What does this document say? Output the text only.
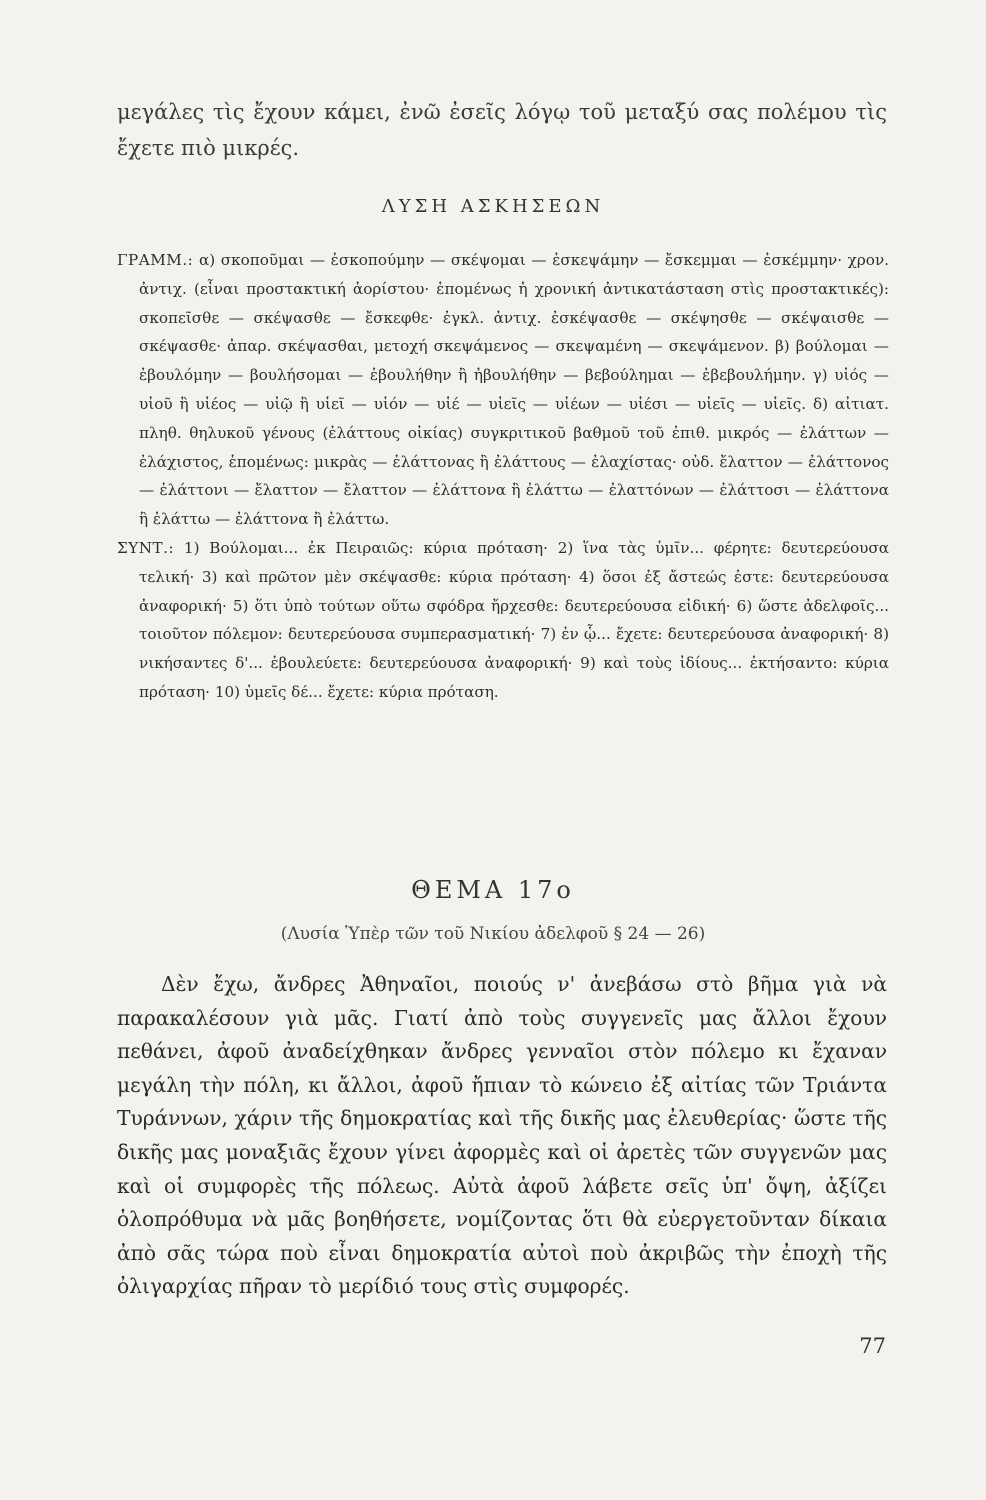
μεγάλες τὶς ἔχουν κάμει, ἐνῶ ἐσεῖς λόγῳ τοῦ μεταξύ σας πολέμου τὶς ἔχετε πιὸ μικρές.
ΛΥΣΗ ΑΣΚΗΣΕΩΝ

ΓΡΑΜΜ.: α) σκοποῦμαι — ἐσκοπούμην — σκέψομαι — ἐσκεψάμην — ἔσκεμμαι — ἐσκέμμην· χρον. ἀντιχ. (εἶναι προστακτική ἀορίστου· ἑπομένως ἡ χρονική ἀντικατάσταση στὶς προστακτικές): σκοπεῖσθε — σκέψασθε — ἔσκεφθε· ἐγκλ. ἀντιχ. ἐσκέψασθε — σκέψησθε — σκέψαισθε — σκέψασθε· ἀπαρ. σκέψασθαι, μετοχή σκεψάμενος — σκεψαμένη — σκεψάμενον. β) βούλομαι — ἐβουλόμην — βουλήσομαι — ἐβουλήθην ἢ ἠβουλήθην — βεβούλημαι — ἐβεβουλήμην. γ) υἱός — υἱοῦ ἢ υἱέος — υἱῷ ἢ υἱεῖ — υἱόν — υἱέ — υἱεῖς — υἱέων — υἱέσι — υἱεῖς — υἱεῖς. δ) αἰτιατ. πληθ. θηλυκοῦ γένους (ἐλάττους οἰκίας) συγκριτικοῦ βαθμοῦ τοῦ ἐπιθ. μικρός — ἐλάττων — ἐλάχιστος, ἑπομένως: μικρὰς — ἐλάττονας ἢ ἐλάττους — ἐλαχίστας· οὐδ. ἔλαττον — ἐλάττονος — ἐλάττονι — ἔλαττον — ἔλαττον — ἐλάττονα ἢ ἐλάττω — ἐλαττόνων — ἐλάττοσι — ἐλάττονα ἢ ἐλάττω — ἐλάττονα ἢ ἐλάττω.

ΣΥΝΤ.: 1) Βούλομαι... ἐκ Πειραιῶς: κύρια πρόταση· 2) ἵνα τὰς ὑμῖν... φέρητε: δευτερεύουσα τελική· 3) καὶ πρῶτον μὲν σκέψασθε: κύρια πρόταση· 4) ὅσοι ἐξ ἄστεώς ἐστε: δευτερεύουσα ἀναφορική· 5) ὅτι ὑπὸ τούτων οὕτω σφόδρα ἤρχεσθε: δευτερεύουσα εἰδική· 6) ὥστε ἀδελφοῖς... τοιοῦτον πόλεμον: δευτερεύουσα συμπερασματική· 7) ἐν ᾧ... ἔχετε: δευτερεύουσα ἀναφορική· 8) νικήσαντες δ'... ἐβουλεύετε: δευτερεύουσα ἀναφορική· 9) καὶ τοὺς ἰδίους... ἐκτήσαντο: κύρια πρόταση· 10) ὑμεῖς δέ... ἔχετε: κύρια πρόταση.

ΘΕΜΑ 17ο
(Λυσία Ὑπὲρ τῶν τοῦ Νικίου ἀδελφοῦ § 24 — 26)

Δὲν ἔχω, ἄνδρες Ἀθηναῖοι, ποιούς ν' ἀνεβάσω στὸ βῆμα γιὰ νὰ παρακαλέσουν γιὰ μᾶς. Γιατί ἀπὸ τοὺς συγγενεῖς μας ἄλλοι ἔχουν πεθάνει, ἀφοῦ ἀναδείχθηκαν ἄνδρες γενναῖοι στὸν πόλεμο κι ἔχαναν μεγάλη τὴν πόλη, κι ἄλλοι, ἀφοῦ ἤπιαν τὸ κώνειο ἐξ αἰτίας τῶν Τριάντα Τυράννων, χάριν τῆς δημοκρατίας καὶ τῆς δικῆς μας ἐλευθερίας· ὥστε τῆς δικῆς μας μοναξιᾶς ἔχουν γίνει ἀφορμὲς καὶ οἱ ἀρετὲς τῶν συγγενῶν μας καὶ οἱ συμφορὲς τῆς πόλεως. Αὐτὰ ἀφοῦ λάβετε σεῖς ὑπ' ὄψη, ἀξίζει ὁλοπρόθυμα νὰ μᾶς βοηθήσετε, νομίζοντας ὅτι θὰ εὐεργετοῦνταν δίκαια ἀπὸ σᾶς τώρα ποὺ εἶναι δημοκρατία αὐτοὶ ποὺ ἀκριβῶς τὴν ἐποχὴ τῆς ὀλιγαρχίας πῆραν τὸ μερίδιό τους στὶς συμφορές.

77
